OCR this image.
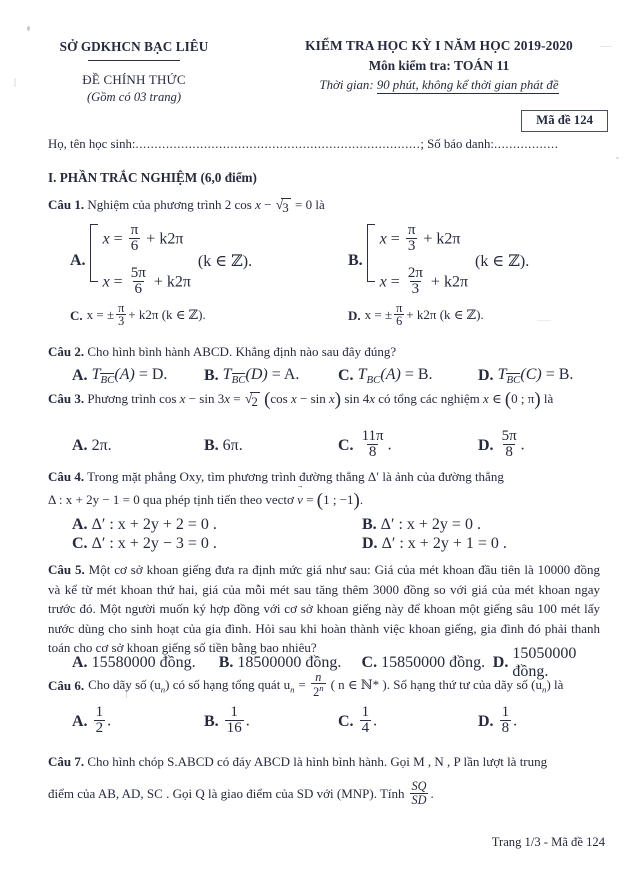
SỞ GDKHCN BẠC LIÊU
ĐỀ CHÍNH THỨC
(Gồm có 03 trang)
KIỂM TRA HỌC KỲ I NĂM HỌC 2019-2020
Môn kiểm tra: TOÁN 11
Thời gian: 90 phút, không kể thời gian phát đề
Mã đề 124
Họ, tên học sinh:...........................................................................; Số báo danh:.................
I. PHẦN TRẮC NGHIỆM (6,0 điểm)
Câu 1. Nghiệm của phương trình 2 cos x − √ 3 = 0 là
A.
$x = \frac{\pi}{6} + k2\pi$
$x = \frac{5\pi}{6} + k2\pi$
(k ∈ ℤ).	B.
$x = \frac{\pi}{3} + k2\pi$
$x = \frac{2\pi}{3} + k2\pi$
(k ∈ ℤ).
C. x = ± $\frac{\pi}{3} + k2\pi$ (k ∈ ℤ).	D. x = ± $\frac{\pi}{6} + k2\pi$ (k ∈ ℤ).
Câu 2. Cho hình bình hành ABCD. Khẳng định nào sau đây đúng?
A. TBC(A) = D. B. TBC(D) = A. C. $T_{BC}(A) = B$.	D. TBC(C) = B.
Câu 3. Phương trình cos x − sin 3x = √ 2 (cos x − sin x) sin 4x có tổng các nghiệm x ∈ (0 ; π) là
A. 2π.	B. 6π.	C. $\frac{11\pi}{8}$ .	D. $\frac{5\pi}{8}$ .
Câu 4. Trong mặt phẳng Oxy, tìm phương trình đường thẳng Δ′ là ảnh của đường thẳng
Δ : x + 2y − 1 = 0 qua phép tịnh tiến theo vectơ v → = (1 ; −1).
A. Δ′ : x + 2y + 2 = 0 .	B. Δ′ : x + 2y = 0 .
C. Δ′ : x + 2y − 3 = 0 .	D. Δ′ : x + 2y + 1 = 0 .
Câu 5. Một cơ sở khoan giếng đưa ra định mức giá như sau: Giá của mét khoan đầu tiên là 10000 đồng và kể từ mét khoan thứ hai, giá của mỗi mét sau tăng thêm 3000 đồng so với giá của mét khoan ngay trước đó. Một người muốn ký hợp đồng với cơ sở khoan giếng này để khoan một giếng sâu 100 mét lấy nước dùng cho sinh hoạt của gia đình. Hỏi sau khi hoàn thành việc khoan giếng, gia đình đó phải thanh toán cho cơ sở khoan giếng số tiền bằng bao nhiêu?
A. 15580000 đồng. B. 18500000 đồng. C. 15850000 đồng. D.
15050000 đồng.
Câu 6. Cho dãy số $(u_n)$ có số hạng tổng quát $u_n = \frac{n}{2^n}$ ( n ∈ ℕ* ). Số hạng thứ tư của dãy số $(u_n)$ là
A. $\frac{1}{2}$ .	B. $\frac{1}{16}$ .	C. $\frac{1}{4}$ .	D. $\frac{1}{8}$ .
Câu 7. Cho hình chóp S.ABCD có đáy ABCD là hình bình hành. Gọi M , N , P lần lượt là trung
điểm của AB, AD, SC . Gọi Q là giao điểm của SD với (MNP). Tính $\frac{SQ}{SD}$ .
Trang 1/3 - Mã đề 124
